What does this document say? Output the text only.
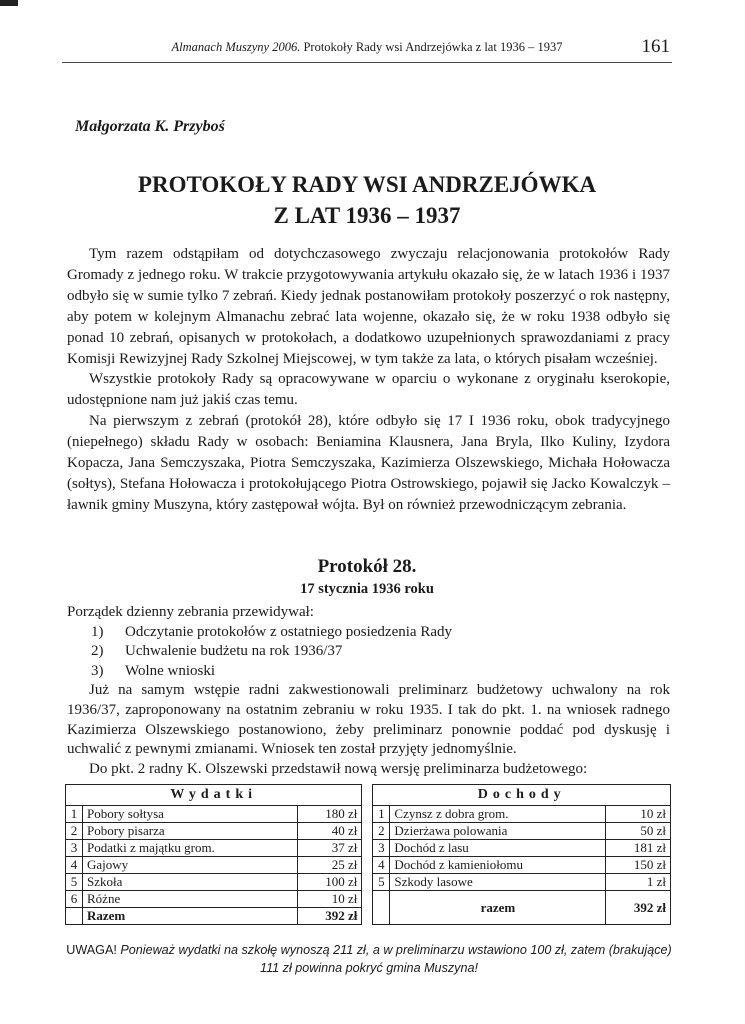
Almanach Muszyny 2006. Protokoły Rady wsi Andrzejówka z lat 1936 – 1937	161
Małgorzata K. Przyboś
PROTOKOŁY RADY WSI ANDRZEJÓWKA
Z LAT 1936 – 1937

Tym razem odstąpiłam od dotychczasowego zwyczaju relacjonowania protokołów Rady Gromady z jednego roku. W trakcie przygotowywania artykułu okazało się, że w latach 1936 i 1937 odbyło się w sumie tylko 7 zebrań. Kiedy jednak postanowiłam protokoły poszerzyć o rok następny, aby potem w kolejnym Almanachu zebrać lata wojenne, okazało się, że w roku 1938 odbyło się ponad 10 zebrań, opisanych w protokołach, a dodatkowo uzupełnionych sprawozdaniami z pracy Komisji Rewizyjnej Rady Szkolnej Miejscowej, w tym także za lata, o których pisałam wcześniej.

Wszystkie protokoły Rady są opracowywane w oparciu o wykonane z oryginału kserokopie, udostępnione nam już jakiś czas temu.

Na pierwszym z zebrań (protokół 28), które odbyło się 17 I 1936 roku, obok tradycyjnego (niepełnego) składu Rady w osobach: Beniamina Klausnera, Jana Bryla, Ilko Kuliny, Izydora Kopacza, Jana Semczyszaka, Piotra Semczyszaka, Kazimierza Olszewskiego, Michała Hołowacza (sołtys), Stefana Hołowacza i protokołującego Piotra Ostrowskiego, pojawił się Jacko Kowalczyk – ławnik gminy Muszyna, który zastępował wójta. Był on również przewodniczącym zebrania.

Protokół 28.
17 stycznia 1936 roku

Porządek dzienny zebrania przewidywał:

1)	Odczytanie protokołów z ostatniego posiedzenia Rady
2)	Uchwalenie budżetu na rok 1936/37
3)	Wolne wnioski

Już na samym wstępie radni zakwestionowali preliminarz budżetowy uchwalony na rok 1936/37, zaproponowany na ostatnim zebraniu w roku 1935. I tak do pkt. 1. na wniosek radnego Kazimierza Olszewskiego postanowiono, żeby preliminarz ponownie poddać pod dyskusję i uchwalić z pewnymi zmianami. Wniosek ten został przyjęty jednomyślnie.

Do pkt. 2 radny K. Olszewski przedstawił nową wersję preliminarza budżetowego:

Wydatki				Dochody		
1	Pobory sołtysa	180 zł		1	Czynsz z dobra grom.	10 zł
2	Pobory pisarza	40 zł		2	Dzierżawa polowania	50 zł
3	Podatki z majątku grom.	37 zł		3	Dochód z lasu	181 zł
4	Gajowy	25 zł		4	Dochód z kamieniołomu	150 zł
5	Szkoła	100 zł		5	Szkody lasowe	1 zł
6	Różne	10 zł			razem	392 zł
	Razem	392 zł				
UWAGA! Ponieważ wydatki na szkołę wynoszą 211 zł, a w preliminarzu wstawiono 100 zł, zatem (brakujące) 111 zł powinna pokryć gmina Muszyna!
